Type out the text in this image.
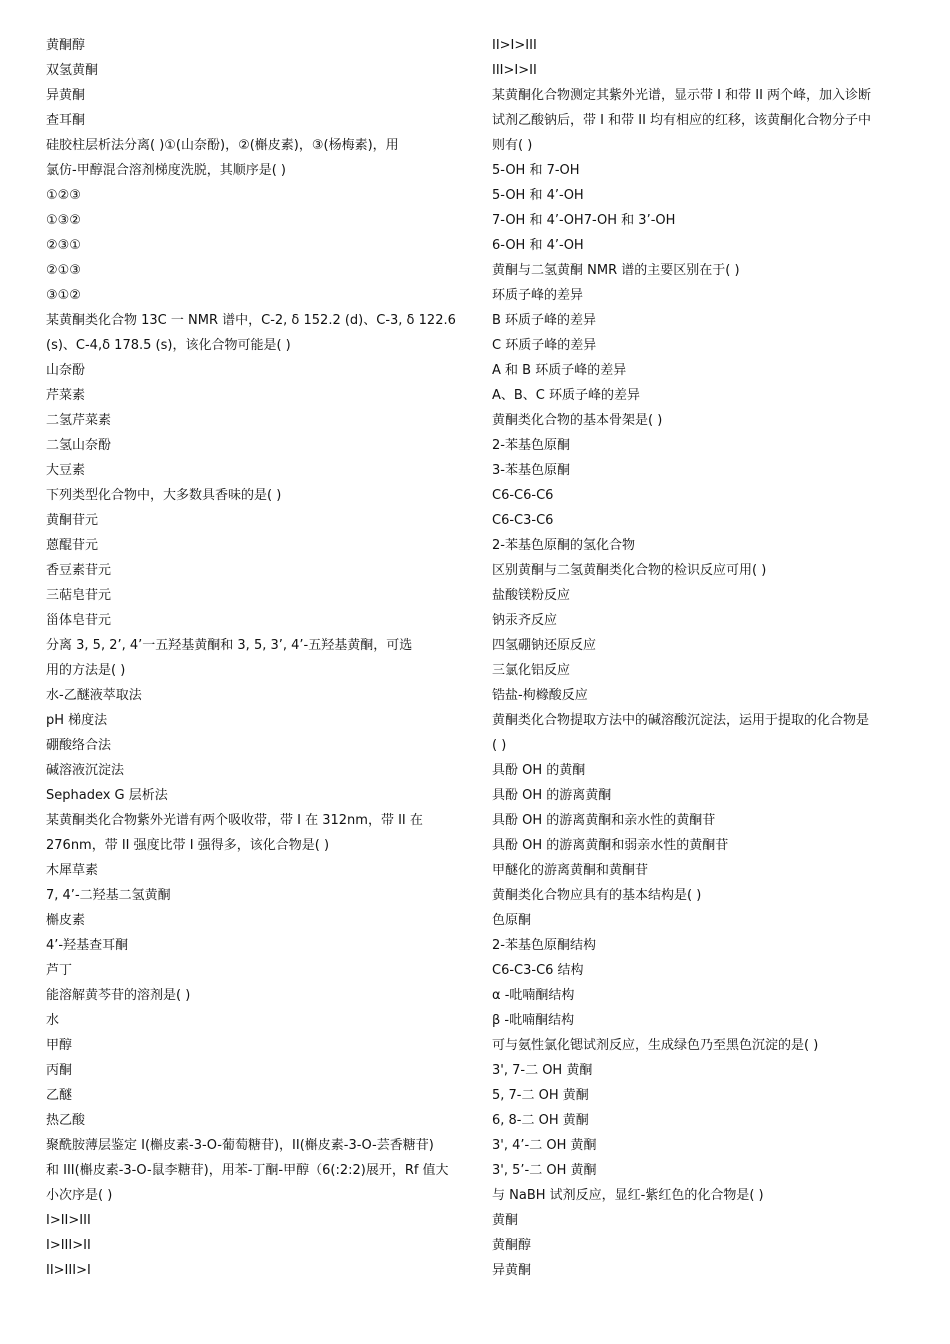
黄酮醇
双氢黄酮
异黄酮
查耳酮
硅胶柱层析法分离( )①(山奈酚)，②(槲皮素)，③(杨梅素)，用
氯仿-甲醇混合溶剂梯度洗脱，其顺序是( )
①②③
①③②
②③①
②①③
③①②
某黄酮类化合物 13C 一 NMR 谱中，C-2, δ 152.2 (d)、C-3, δ 122.6
(s)、C-4,δ 178.5 (s)，该化合物可能是( )
山奈酚
芹菜素
二氢芹菜素
二氢山奈酚
大豆素
下列类型化合物中，大多数具香味的是( )
黄酮苷元
蒽醌苷元
香豆素苷元
三萜皂苷元
甾体皂苷元
分离 3, 5, 2’, 4’一五羟基黄酮和 3, 5, 3’, 4’-五羟基黄酮，可选
用的方法是( )
水-乙醚液萃取法
pH 梯度法
硼酸络合法
碱溶液沉淀法
Sephadex G 层析法
某黄酮类化合物紫外光谱有两个吸收带，带 I 在 312nm，带 II 在
276nm，带 II 强度比带 I 强得多，该化合物是( )
木犀草素
7, 4’-二羟基二氢黄酮
槲皮素
4’-羟基查耳酮
芦丁
能溶解黄芩苷的溶剂是( )
水
甲醇
丙酮
乙醚
热乙酸
聚酰胺薄层鉴定 I(槲皮素-3-O-葡萄糖苷)，II(槲皮素-3-O-芸香糖苷)
和 III(槲皮素-3-O-鼠李糖苷)，用苯-丁酮-甲醇（6(:2:2)展开，Rf 值大
小次序是( )
I>II>III
I>III>II
II>III>I
II>I>III
III>I>II
某黄酮化合物测定其紫外光谱，显示带 I 和带 II 两个峰，加入诊断
试剂乙酸钠后，带 I 和带 II 均有相应的红移，该黄酮化合物分子中
则有( )
5-OH 和 7-OH
5-OH 和 4’-OH
7-OH 和 4’-OH7-OH 和 3’-OH
6-OH 和 4’-OH
黄酮与二氢黄酮 NMR 谱的主要区别在于( )
环质子峰的差异
B 环质子峰的差异
C 环质子峰的差异
A 和 B 环质子峰的差异
A、B、C 环质子峰的差异
黄酮类化合物的基本骨架是( )
2-苯基色原酮
3-苯基色原酮
C6-C6-C6
C6-C3-C6
2-苯基色原酮的氢化合物
区别黄酮与二氢黄酮类化合物的检识反应可用( )
盐酸镁粉反应
钠汞齐反应
四氢硼钠还原反应
三氯化铝反应
锆盐-枸橼酸反应
黄酮类化合物提取方法中的碱溶酸沉淀法，运用于提取的化合物是
( )
具酚 OH 的黄酮
具酚 OH 的游离黄酮
具酚 OH 的游离黄酮和亲水性的黄酮苷
具酚 OH 的游离黄酮和弱亲水性的黄酮苷
甲醚化的游离黄酮和黄酮苷
黄酮类化合物应具有的基本结构是( )
色原酮
2-苯基色原酮结构
C6-C3-C6 结构
α -吡喃酮结构
β -吡喃酮结构
可与氨性氯化锶试剂反应，生成绿色乃至黑色沉淀的是( )
3', 7-二 OH 黄酮
5, 7-二 OH 黄酮
6, 8-二 OH 黄酮
3', 4’-二 OH 黄酮
3', 5’-二 OH 黄酮
与 NaBH 试剂反应，显红-紫红色的化合物是( )
黄酮
黄酮醇
异黄酮
